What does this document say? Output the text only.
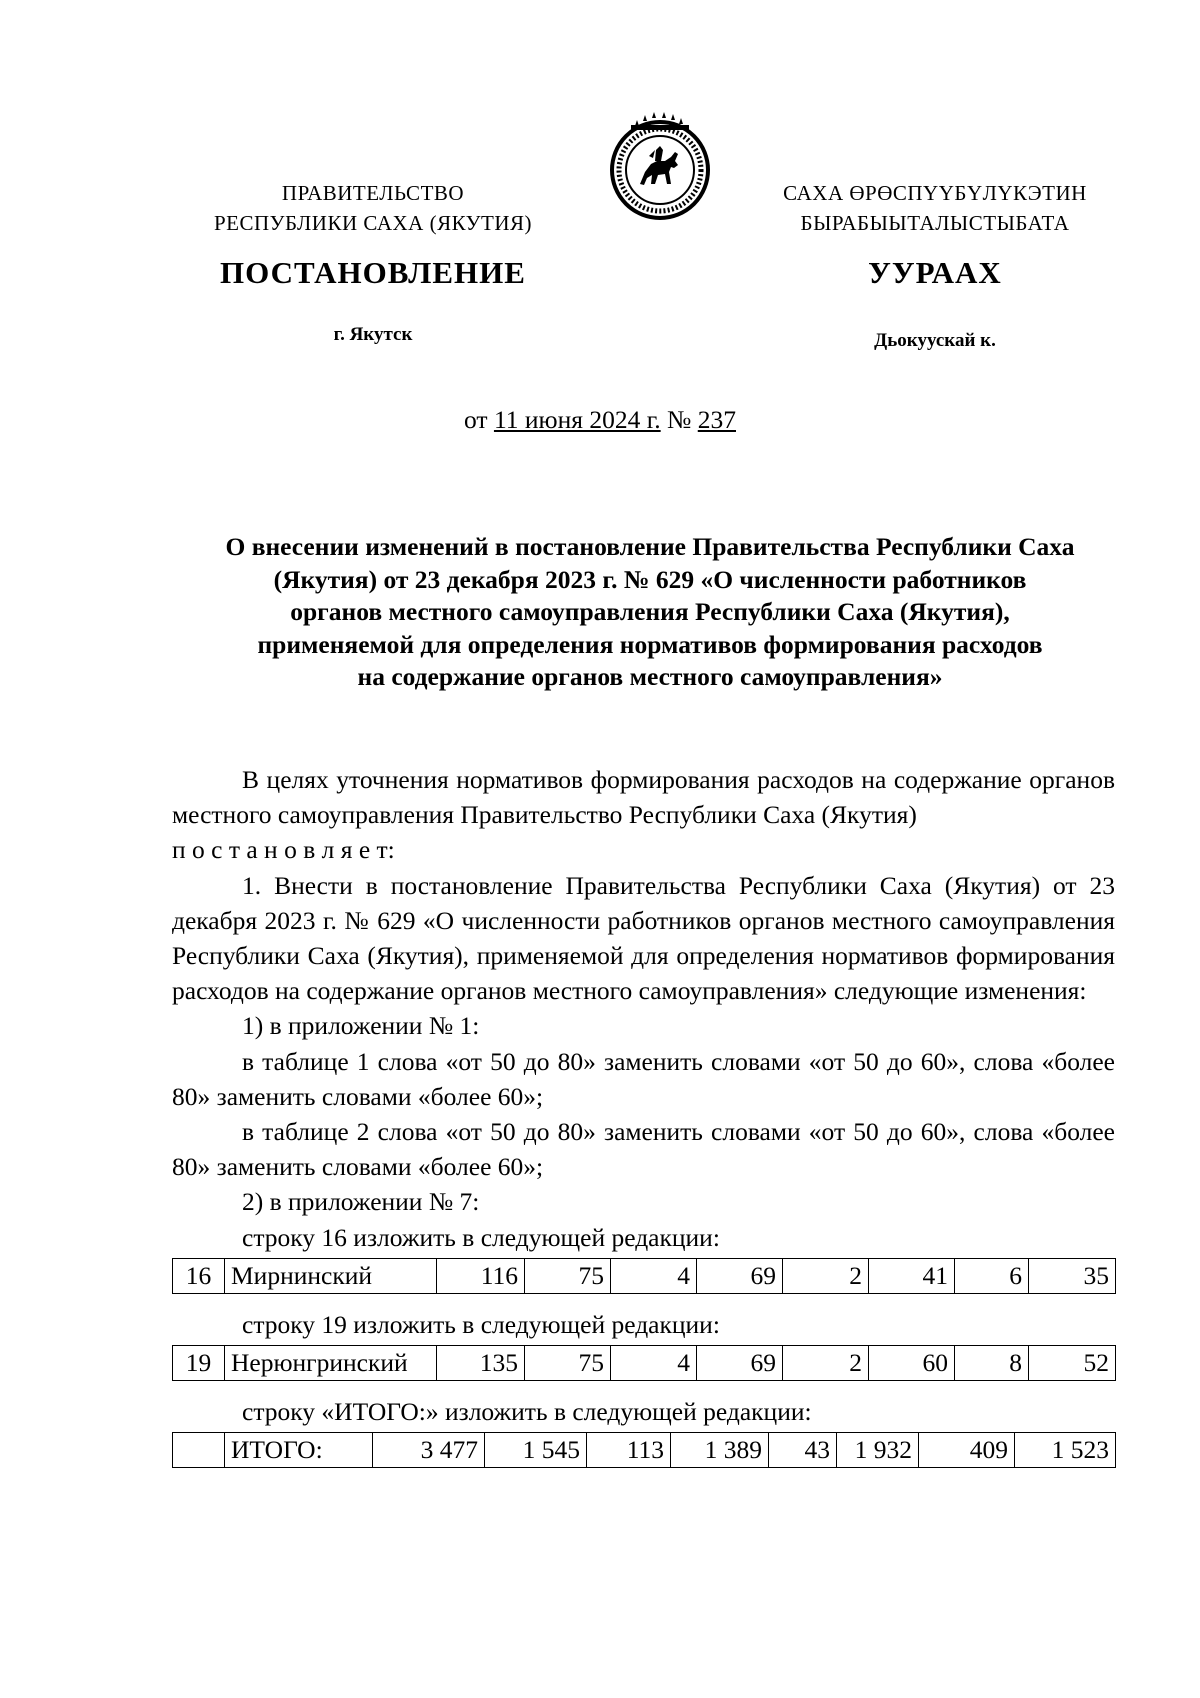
ПРАВИТЕЛЬСТВО
РЕСПУБЛИКИ САХА (ЯКУТИЯ)
САХА ӨРӨСПҮҮБҮЛҮКЭТИН
БЫРАБЫЫТАЛЫСТЫБАТА
ПОСТАНОВЛЕНИЕ	УУРААХ
г. Якутск	Дьокуускай к.
от 11 июня 2024 г. № 237
О внесении изменений в постановление Правительства Республики Саха
(Якутия) от 23 декабря 2023 г. № 629 «О численности работников
органов местного самоуправления Республики Саха (Якутия),
применяемой для определения нормативов формирования расходов
на содержание органов местного самоуправления»

В целях уточнения нормативов формирования расходов на содержание органов местного самоуправления Правительство Республики Саха (Якутия)

п о с т а н о в л я е т:

1. Внести в постановление Правительства Республики Саха (Якутия) от 23 декабря 2023 г. № 629 «О численности работников органов местного самоуправления Республики Саха (Якутия), применяемой для определения нормативов формирования расходов на содержание органов местного самоуправления» следующие изменения:

1) в приложении № 1:

в таблице 1 слова «от 50 до 80» заменить словами «от 50 до 60», слова «более 80» заменить словами «более 60»;

в таблице 2 слова «от 50 до 80» заменить словами «от 50 до 60», слова «более 80» заменить словами «более 60»;

2) в приложении № 7:

строку 16 изложить в следующей редакции:

16	Мирнинский	116	75	4	69	2	41	6	35

строку 19 изложить в следующей редакции:

19	Нерюнгринский	135	75	4	69	2	60	8	52

строку «ИТОГО:» изложить в следующей редакции:

	ИТОГО:	3 477	1 545	113	1 389	43	1 932	409	1 523
